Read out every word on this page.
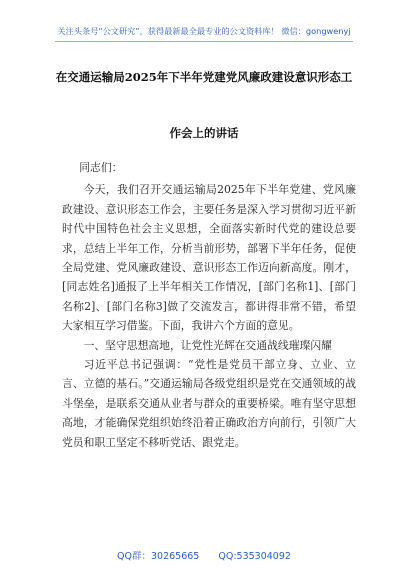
关注头条号“公文研究”，获得最新最全最专业的公文资料库！ 微信：gongwenyj
在交通运输局2025年下半年党建党风廉政建设意识形态工
作会上的讲话

同志们：

今天，我们召开交通运输局2025年下半年党建、党风廉政建设、意识形态工作会，主要任务是深入学习贯彻习近平新时代中国特色社会主义思想，全面落实新时代党的建设总要求，总结上半年工作，分析当前形势，部署下半年任务，促使全局党建、党风廉政建设、意识形态工作迈向新高度。刚才，[同志姓名]通报了上半年相关工作情况，[部门名称1]、[部门名称2]、[部门名称3]做了交流发言，都讲得非常不错，希望大家相互学习借鉴。下面，我讲六个方面的意见。

一、坚守思想高地，让党性光辉在交通战线璀璨闪耀

习近平总书记强调：“党性是党员干部立身、立业、立言、立德的基石。”交通运输局各级党组织是党在交通领域的战斗堡垒，是联系交通从业者与群众的重要桥梁。唯有坚守思想高地，才能确保党组织始终沿着正确政治方向前行，引领广大党员和职工坚定不移听党话、跟党走。

QQ群：30265665 QQ:535304092
